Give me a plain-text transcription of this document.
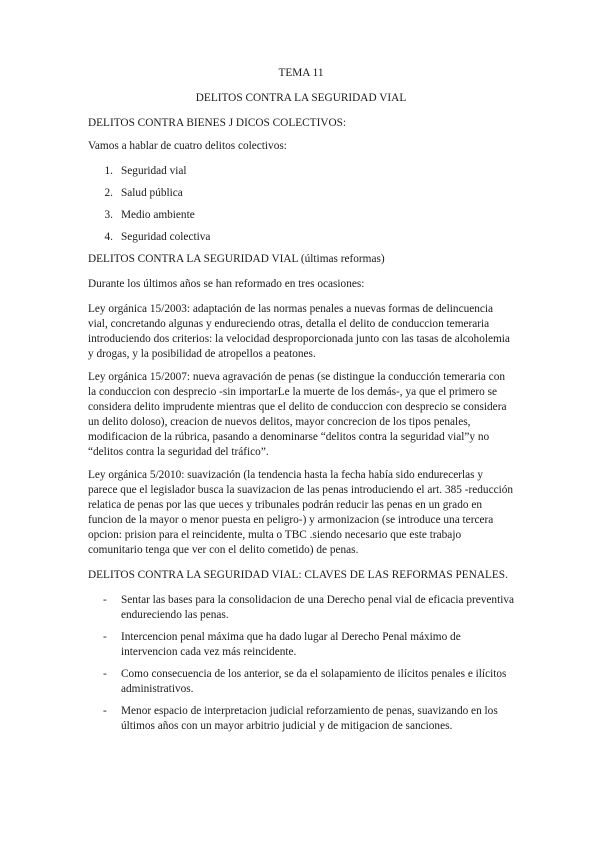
TEMA 11

DELITOS CONTRA LA SEGURIDAD VIAL

DELITOS CONTRA BIENES J DICOS COLECTIVOS:

Vamos a hablar de cuatro delitos colectivos:

1. Seguridad vial
2. Salud pública
3. Medio ambiente
4. Seguridad colectiva

DELITOS CONTRA LA SEGURIDAD VIAL (últimas reformas)

Durante los últimos años se han reformado en tres ocasiones:

Ley orgánica 15/2003: adaptación de las normas penales a nuevas formas de delincuencia vial, concretando algunas y endureciendo otras, detalla el delito de conduccion temeraria introduciendo dos criterios: la velocidad desproporcionada junto con las tasas de alcoholemia y drogas, y la posibilidad de atropellos a peatones.

Ley orgánica 15/2007: nueva agravación de penas (se distingue la conducción temeraria con la conduccion con desprecio -sin importarLe la muerte de los demás-, ya que el primero se considera delito imprudente mientras que el delito de conduccion con desprecio se considera un delito doloso), creacion de nuevos delitos, mayor concrecion de los tipos penales, modificacion de la rúbrica, pasando a denominarse “delitos contra la seguridad vial”y no “delitos contra la seguridad del tráfico”.

Ley orgánica 5/2010: suavización (la tendencia hasta la fecha había sido endurecerlas y parece que el legislador busca la suavizacion de las penas introduciendo el art. 385 -reducción relatica de penas por las que ueces y tribunales podrán reducir las penas en un grado en funcion de la mayor o menor puesta en peligro-) y armonizacion (se introduce una tercera opcion: prision para el reincidente, multa o TBC .siendo necesario que este trabajo comunitario tenga que ver con el delito cometido) de penas.

DELITOS CONTRA LA SEGURIDAD VIAL: CLAVES DE LAS REFORMAS PENALES.

-	Sentar las bases para la consolidacion de una Derecho penal vial de eficacia preventiva endureciendo las penas.
-	Intercencion penal máxima que ha dado lugar al Derecho Penal máximo de intervencion cada vez más reincidente.
-	Como consecuencia de los anterior, se da el solapamiento de ilícitos penales e ilícitos administrativos.
-	Menor espacio de interpretacion judicial reforzamiento de penas, suavizando en los últimos años con un mayor arbitrio judicial y de mitigacion de sanciones.
